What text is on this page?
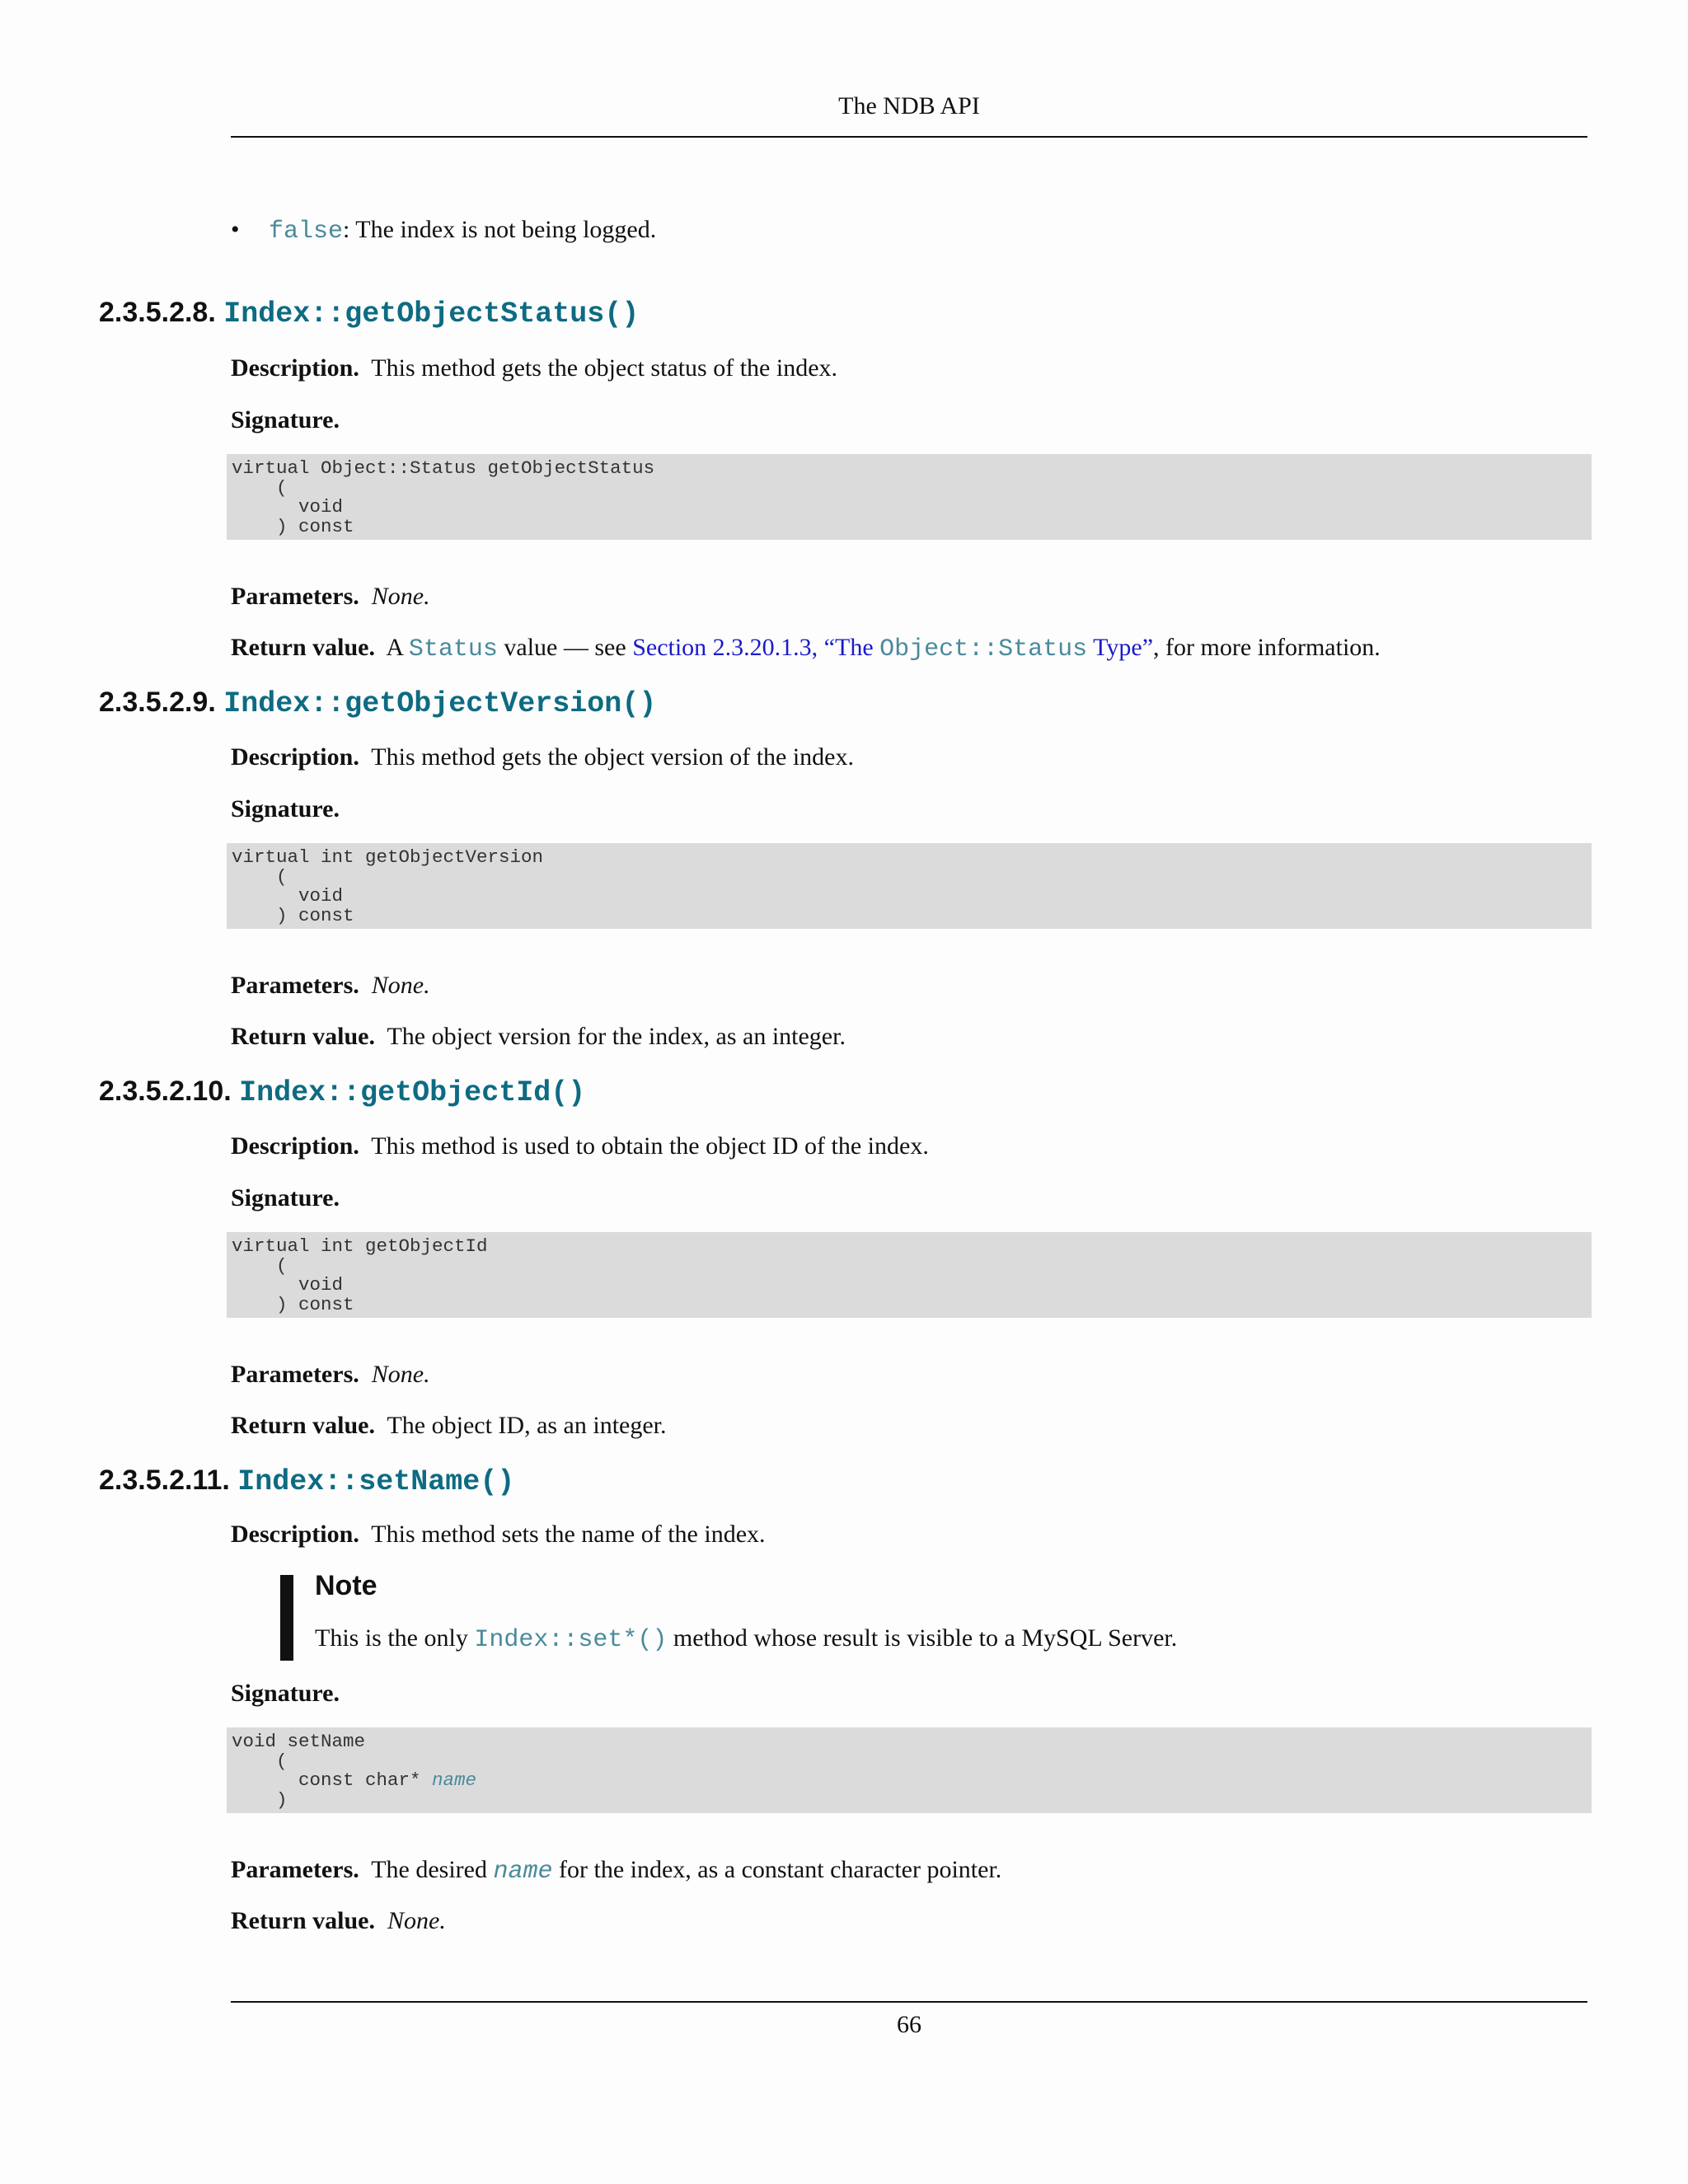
The NDB API
• false: The index is not being logged.
2.3.5.2.8. Index::getObjectStatus()
Description. This method gets the object status of the index.
Signature.
virtual Object::Status getObjectStatus
(
void
) const
Parameters. None.
Return value. A Status value — see Section 2.3.20.1.3, “The Object::Status Type”, for more information.
2.3.5.2.9. Index::getObjectVersion()
Description. This method gets the object version of the index.
Signature.
virtual int getObjectVersion
(
void
) const
Parameters. None.
Return value. The object version for the index, as an integer.
2.3.5.2.10. Index::getObjectId()
Description. This method is used to obtain the object ID of the index.
Signature.
virtual int getObjectId
(
void
) const
Parameters. None.
Return value. The object ID, as an integer.
2.3.5.2.11. Index::setName()
Description. This method sets the name of the index.
Note
This is the only Index::set*() method whose result is visible to a MySQL Server.
Signature.
void setName
(
const char* name
)
Parameters. The desired name for the index, as a constant character pointer.
Return value. None.
66
